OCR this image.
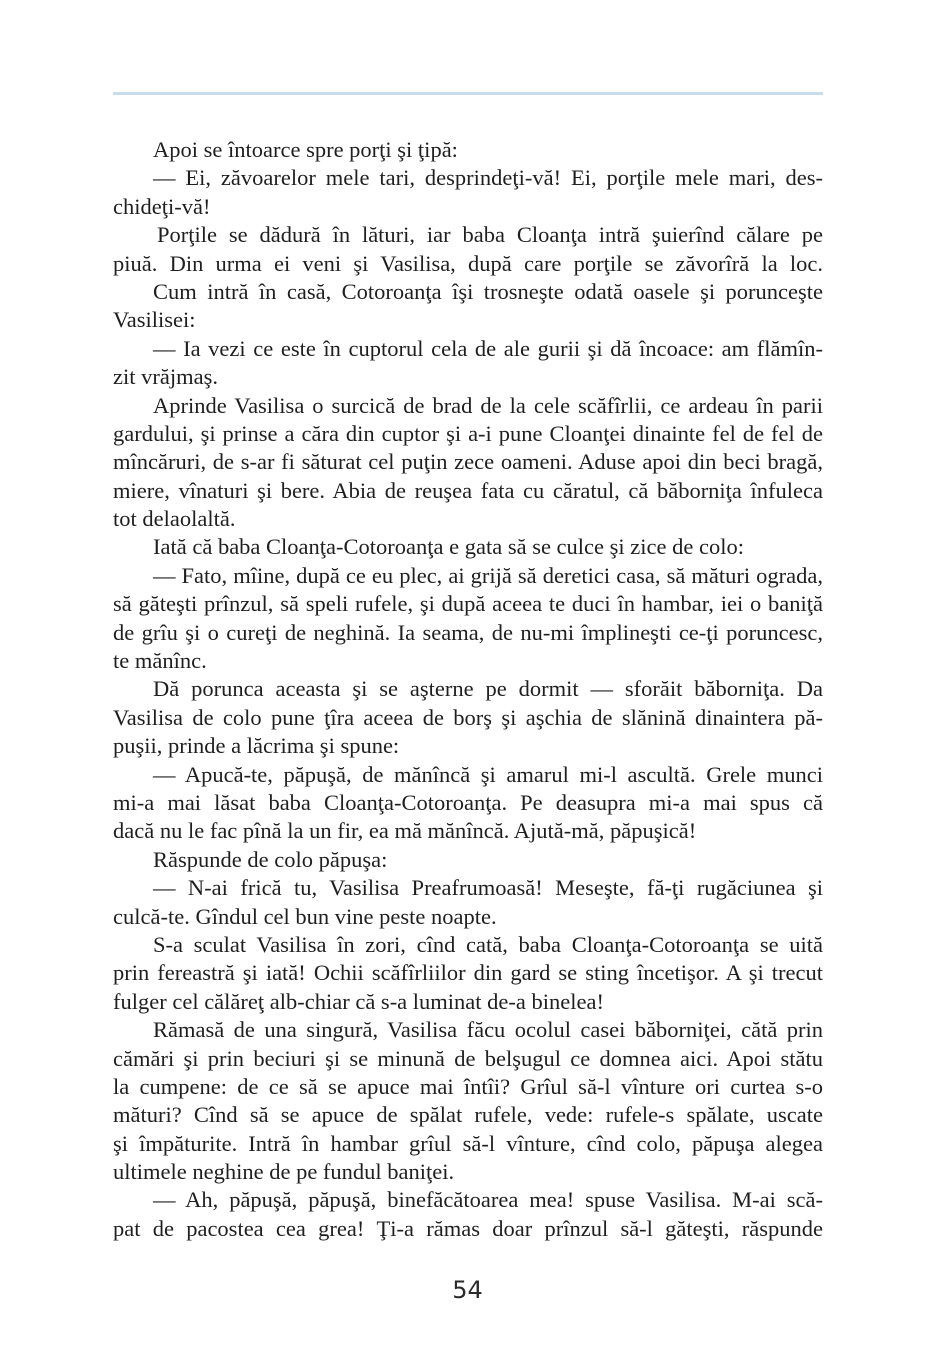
Apoi se întoarce spre porţi şi ţipă:
— Ei, zăvoarelor mele tari, desprindeţi-vă! Ei, porţile mele mari, des-
chideţi-vă!
Porţile se dădură în lături, iar baba Cloanţa intră şuierînd călare pe
piuă. Din urma ei veni şi Vasilisa, după care porţile se zăvorîră la loc.
Cum intră în casă, Cotoroanţa îşi trosneşte odată oasele şi porunceşte
Vasilisei:
— Ia vezi ce este în cuptorul cela de ale gurii şi dă încoace: am flămîn-
zit vrăjmaş.
Aprinde Vasilisa o surcică de brad de la cele scăfîrlii, ce ardeau în parii
gardului, şi prinse a căra din cuptor şi a-i pune Cloanţei dinainte fel de fel de
mîncăruri, de s-ar fi săturat cel puţin zece oameni. Aduse apoi din beci bragă,
miere, vînaturi şi bere. Abia de reuşea fata cu căratul, că băborniţa înfuleca
tot delaolaltă.
Iată că baba Cloanţa-Cotoroanţa e gata să se culce şi zice de colo:
— Fato, mîine, după ce eu plec, ai grijă să deretici casa, să mături ograda,
să găteşti prînzul, să speli rufele, şi după aceea te duci în hambar, iei o baniţă
de grîu şi o cureţi de neghină. Ia seama, de nu-mi împlineşti ce-ţi poruncesc,
te mănînc.
Dă porunca aceasta şi se aşterne pe dormit — sforăit băborniţa. Da
Vasilisa de colo pune ţîra aceea de borş şi aşchia de slănină dinaintera pă-
puşii, prinde a lăcrima şi spune:
— Apucă-te, păpuşă, de mănîncă şi amarul mi-l ascultă. Grele munci
mi-a mai lăsat baba Cloanţa-Cotoroanţa. Pe deasupra mi-a mai spus că
dacă nu le fac pînă la un fir, ea mă mănîncă. Ajută-mă, păpuşică!
Răspunde de colo păpuşa:
— N-ai frică tu, Vasilisa Preafrumoasă! Meseşte, fă-ţi rugăciunea şi
culcă-te. Gîndul cel bun vine peste noapte.
S-a sculat Vasilisa în zori, cînd cată, baba Cloanţa-Cotoroanţa se uită
prin fereastră şi iată! Ochii scăfîrliilor din gard se sting încetişor. A şi trecut
fulger cel călăreţ alb-chiar că s-a luminat de-a binelea!
Rămasă de una singură, Vasilisa făcu ocolul casei băborniţei, cătă prin
cămări şi prin beciuri şi se minună de belşugul ce domnea aici. Apoi stătu
la cumpene: de ce să se apuce mai întîi? Grîul să-l vînture ori curtea s-o
mături? Cînd să se apuce de spălat rufele, vede: rufele-s spălate, uscate
şi împăturite. Intră în hambar grîul să-l vînture, cînd colo, păpuşa alegea
ultimele neghine de pe fundul baniţei.
— Ah, păpuşă, păpuşă, binefăcătoarea mea! spuse Vasilisa. M-ai scă-
pat de pacostea cea grea! Ţi-a rămas doar prînzul să-l găteşti, răspunde
54
